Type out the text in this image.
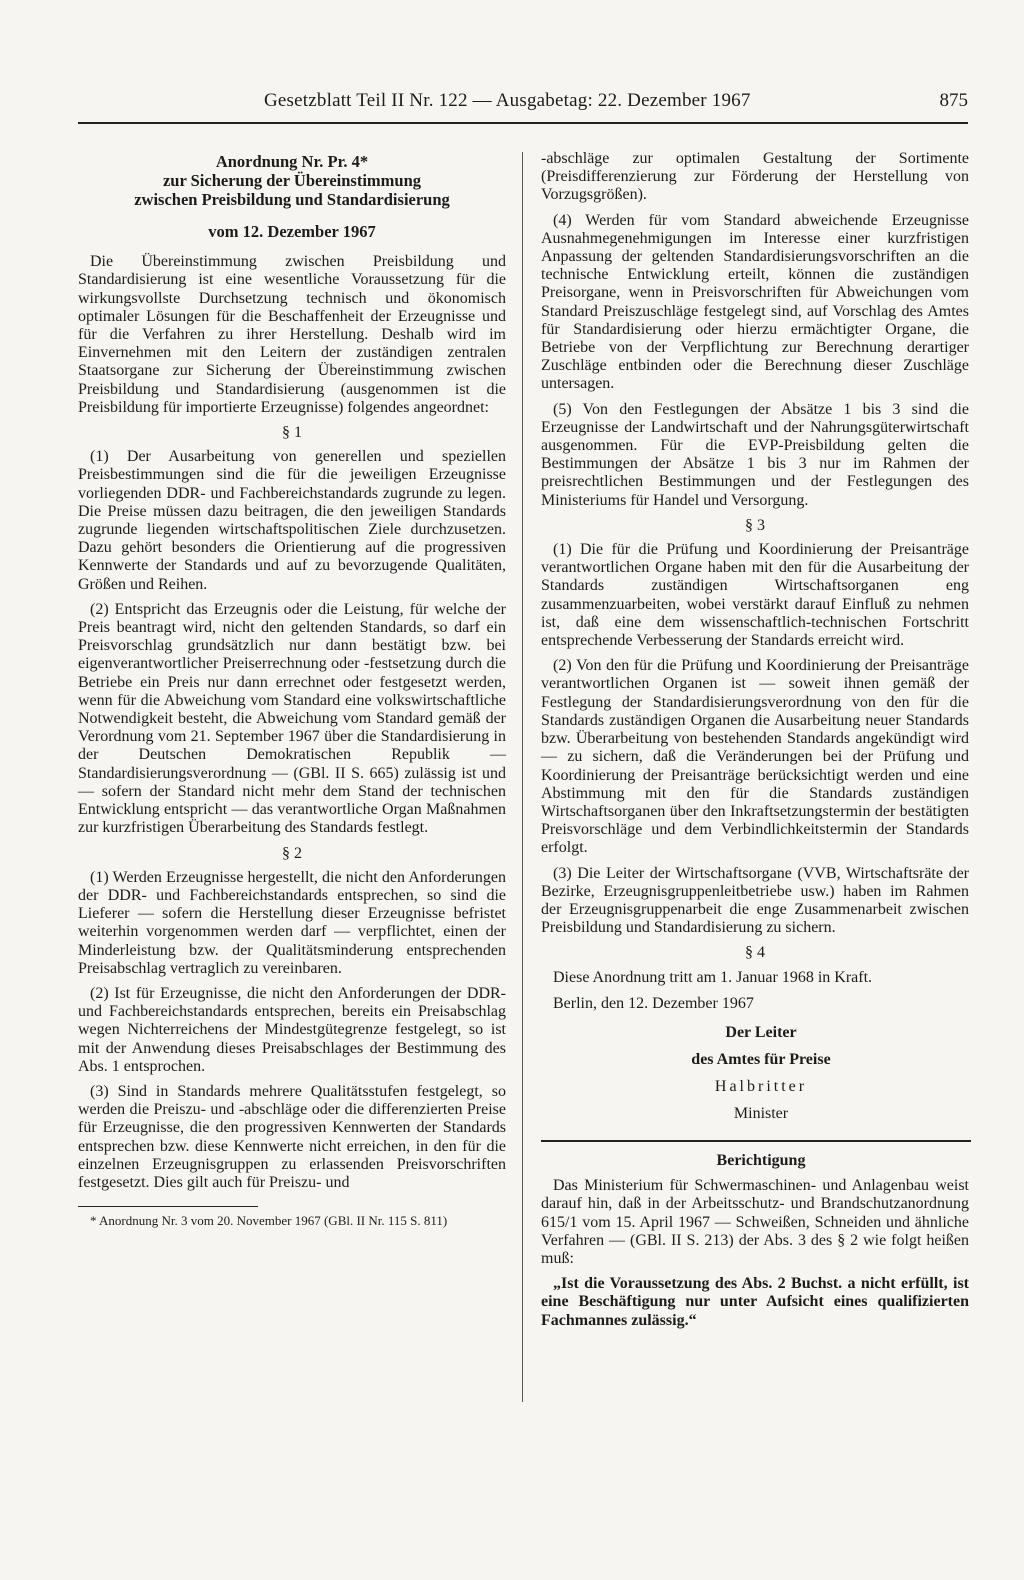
Gesetzblatt Teil II Nr. 122 — Ausgabetag: 22. Dezember 1967	875

Anordnung Nr. Pr. 4*

zur Sicherung der Übereinstimmung

zwischen Preisbildung und Standardisierung

vom 12. Dezember 1967

Die Übereinstimmung zwischen Preisbildung und Standardisierung ist eine wesentliche Voraussetzung für die wirkungsvollste Durchsetzung technisch und ökonomisch optimaler Lösungen für die Beschaffenheit der Erzeugnisse und für die Verfahren zu ihrer Herstellung. Deshalb wird im Einvernehmen mit den Leitern der zuständigen zentralen Staatsorgane zur Sicherung der Übereinstimmung zwischen Preisbildung und Standardisierung (ausgenommen ist die Preisbildung für importierte Erzeugnisse) folgendes angeordnet:

§ 1

(1) Der Ausarbeitung von generellen und speziellen Preisbestimmungen sind die für die jeweiligen Erzeugnisse vorliegenden DDR- und Fachbereichstandards zugrunde zu legen. Die Preise müssen dazu beitragen, die den jeweiligen Standards zugrunde liegenden wirtschaftspolitischen Ziele durchzusetzen. Dazu gehört besonders die Orientierung auf die progressiven Kennwerte der Standards und auf zu bevorzugende Qualitäten, Größen und Reihen.

(2) Entspricht das Erzeugnis oder die Leistung, für welche der Preis beantragt wird, nicht den geltenden Standards, so darf ein Preisvorschlag grundsätzlich nur dann bestätigt bzw. bei eigenverantwortlicher Preiserrechnung oder -festsetzung durch die Betriebe ein Preis nur dann errechnet oder festgesetzt werden, wenn für die Abweichung vom Standard eine volkswirtschaftliche Notwendigkeit besteht, die Abweichung vom Standard gemäß der Verordnung vom 21. September 1967 über die Standardisierung in der Deutschen Demokratischen Republik — Standardisierungsverordnung — (GBl. II S. 665) zulässig ist und — sofern der Standard nicht mehr dem Stand der technischen Entwicklung entspricht — das verantwortliche Organ Maßnahmen zur kurzfristigen Überarbeitung des Standards festlegt.

§ 2

(1) Werden Erzeugnisse hergestellt, die nicht den Anforderungen der DDR- und Fachbereichstandards entsprechen, so sind die Lieferer — sofern die Herstellung dieser Erzeugnisse befristet weiterhin vorgenommen werden darf — verpflichtet, einen der Minderleistung bzw. der Qualitätsminderung entsprechenden Preisabschlag vertraglich zu vereinbaren.

(2) Ist für Erzeugnisse, die nicht den Anforderungen der DDR- und Fachbereichstandards entsprechen, bereits ein Preisabschlag wegen Nichterreichens der Mindestgütegrenze festgelegt, so ist mit der Anwendung dieses Preisabschlages der Bestimmung des Abs. 1 entsprochen.

(3) Sind in Standards mehrere Qualitätsstufen festgelegt, so werden die Preiszu- und -abschläge oder die differenzierten Preise für Erzeugnisse, die den progressiven Kennwerten der Standards entsprechen bzw. diese Kennwerte nicht erreichen, in den für die einzelnen Erzeugnisgruppen zu erlassenden Preisvorschriften festgesetzt. Dies gilt auch für Preiszu- und

* Anordnung Nr. 3 vom 20. November 1967 (GBl. II Nr. 115 S. 811)

-abschläge zur optimalen Gestaltung der Sortimente (Preisdifferenzierung zur Förderung der Herstellung von Vorzugsgrößen).

(4) Werden für vom Standard abweichende Erzeugnisse Ausnahmegenehmigungen im Interesse einer kurzfristigen Anpassung der geltenden Standardisierungsvorschriften an die technische Entwicklung erteilt, können die zuständigen Preisorgane, wenn in Preisvorschriften für Abweichungen vom Standard Preiszuschläge festgelegt sind, auf Vorschlag des Amtes für Standardisierung oder hierzu ermächtigter Organe, die Betriebe von der Verpflichtung zur Berechnung derartiger Zuschläge entbinden oder die Berechnung dieser Zuschläge untersagen.

(5) Von den Festlegungen der Absätze 1 bis 3 sind die Erzeugnisse der Landwirtschaft und der Nahrungsgüterwirtschaft ausgenommen. Für die EVP-Preisbildung gelten die Bestimmungen der Absätze 1 bis 3 nur im Rahmen der preisrechtlichen Bestimmungen und der Festlegungen des Ministeriums für Handel und Versorgung.

§ 3

(1) Die für die Prüfung und Koordinierung der Preisanträge verantwortlichen Organe haben mit den für die Ausarbeitung der Standards zuständigen Wirtschaftsorganen eng zusammenzuarbeiten, wobei verstärkt darauf Einfluß zu nehmen ist, daß eine dem wissenschaftlich-technischen Fortschritt entsprechende Verbesserung der Standards erreicht wird.

(2) Von den für die Prüfung und Koordinierung der Preisanträge verantwortlichen Organen ist — soweit ihnen gemäß der Festlegung der Standardisierungsverordnung von den für die Standards zuständigen Organen die Ausarbeitung neuer Standards bzw. Überarbeitung von bestehenden Standards angekündigt wird — zu sichern, daß die Veränderungen bei der Prüfung und Koordinierung der Preisanträge berücksichtigt werden und eine Abstimmung mit den für die Standards zuständigen Wirtschaftsorganen über den Inkraftsetzungstermin der bestätigten Preisvorschläge und dem Verbindlichkeitstermin der Standards erfolgt.

(3) Die Leiter der Wirtschaftsorgane (VVB, Wirtschaftsräte der Bezirke, Erzeugnisgruppenleitbetriebe usw.) haben im Rahmen der Erzeugnisgruppenarbeit die enge Zusammenarbeit zwischen Preisbildung und Standardisierung zu sichern.

§ 4

Diese Anordnung tritt am 1. Januar 1968 in Kraft.

Berlin, den 12. Dezember 1967

Der Leiter

des Amtes für Preise

Halbritter

Minister

Berichtigung

Das Ministerium für Schwermaschinen- und Anlagenbau weist darauf hin, daß in der Arbeitsschutz- und Brandschutzanordnung 615/1 vom 15. April 1967 — Schweißen, Schneiden und ähnliche Verfahren — (GBl. II S. 213) der Abs. 3 des § 2 wie folgt heißen muß:

„Ist die Voraussetzung des Abs. 2 Buchst. a nicht erfüllt, ist eine Beschäftigung nur unter Aufsicht eines qualifizierten Fachmannes zulässig.“
